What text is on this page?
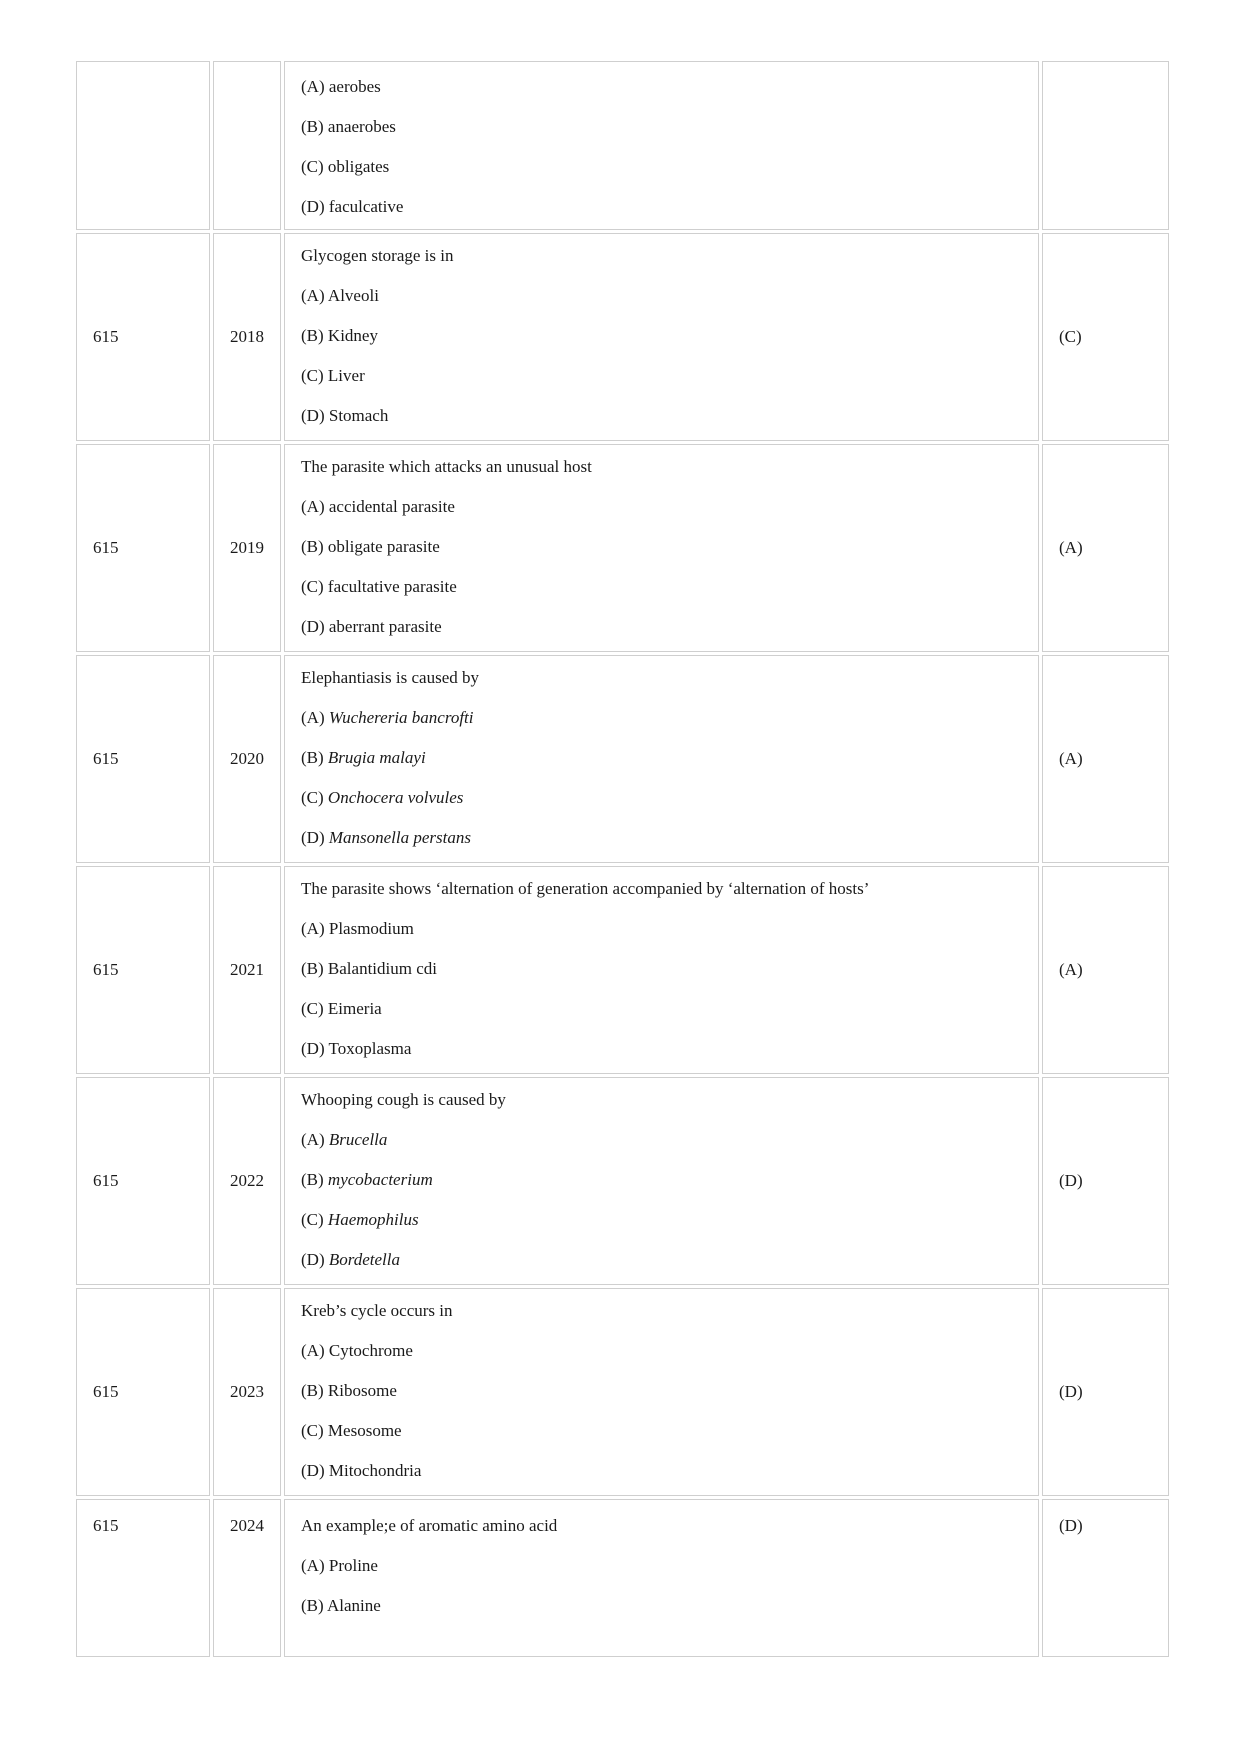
		(A) aerobes
(B) anaerobes
(C) obligates
(D) faculcative	

615	2018	Glycogen storage is in
(A) Alveoli
(B) Kidney
(C) Liver
(D) Stomach	(C)
615	2019	The parasite which attacks an unusual host
(A) accidental parasite
(B) obligate parasite
(C) facultative parasite
(D) aberrant parasite	(A)
615	2020	Elephantiasis is caused by
(A) Wuchereria bancrofti
(B) Brugia malayi
(C) Onchocera volvules
(D) Mansonella perstans	(A)
615	2021	The parasite shows ‘alternation of generation accompanied by ‘alternation of hosts’
(A) Plasmodium
(B) Balantidium cdi
(C) Eimeria
(D) Toxoplasma	(A)
615	2022	Whooping cough is caused by
(A) Brucella
(B) mycobacterium
(C) Haemophilus
(D) Bordetella	(D)
615	2023	Kreb’s cycle occurs in
(A) Cytochrome
(B) Ribosome
(C) Mesosome
(D) Mitochondria	(D)
615	2024	An example;e of aromatic amino acid
(A) Proline
(B) Alanine	(D)
